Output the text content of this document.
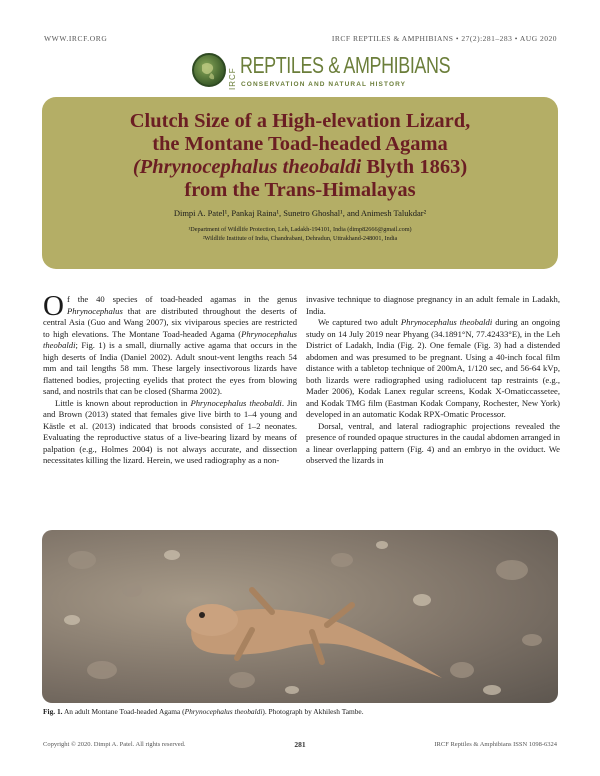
WWW.IRCF.ORG	IRCF REPTILES & AMPHIBIANS • 27(2):281–283 • AUG 2020
IRCF
REPTILES & AMPHIBIANS
CONSERVATION AND NATURAL HISTORY
Clutch Size of a High-elevation Lizard,
the Montane Toad-headed Agama
(Phrynocephalus theobaldi Blyth 1863)
from the Trans-Himalayas
Dimpi A. Patel¹, Pankaj Raina¹, Sunetro Ghoshal¹, and Animesh Talukdar²
¹Department of Wildlife Protection, Leh, Ladakh-194101, India (dimp82666@gmail.com)
²Wildlife Institute of India, Chandrabani, Dehradun, Uttrakhand-248001, India

Of the 40 species of toad-headed agamas in the genus Phrynocephalus that are distributed throughout the deserts of central Asia (Guo and Wang 2007), six viviparous species are restricted to high elevations. The Montane Toad-headed Agama (Phrynocephalus theobaldi; Fig. 1) is a small, diurnally active agama that occurs in the high deserts of India (Daniel 2002). Adult snout-vent lengths reach 54 mm and tail lengths 58 mm. These largely insectivorous lizards have flattened bodies, projecting eyelids that protect the eyes from blowing sand, and nostrils that can be closed (Sharma 2002).

Little is known about reproduction in Phrynocephalus theobaldi. Jin and Brown (2013) stated that females give live birth to 1–4 young and Kästle et al. (2013) indicated that broods consisted of 1–2 neonates. Evaluating the reproductive status of a live-bearing lizard by means of palpation (e.g., Holmes 2004) is not always accurate, and dissection necessitates killing the lizard. Herein, we used radiography as a non-

invasive technique to diagnose pregnancy in an adult female in Ladakh, India.

We captured two adult Phrynocephalus theobaldi during an ongoing study on 14 July 2019 near Phyang (34.1891°N, 77.42433°E), in the Leh District of Ladakh, India (Fig. 2). One female (Fig. 3) had a distended abdomen and was presumed to be pregnant. Using a 40-inch focal film distance with a tabletop technique of 200mA, 1/120 sec, and 56-64 kVp, both lizards were radiographed using radiolucent tap restraints (e.g., Mader 2006), Kodak Lanex regular screens, Kodak X-Omaticcassetee, and Kodak TMG film (Eastman Kodak Company, Rochester, New York) developed in an automatic Kodak RPX-Omatic Processor.

Dorsal, ventral, and lateral radiographic projections revealed the presence of rounded opaque structures in the caudal abdomen arranged in a linear overlapping pattern (Fig. 4) and an embryo in the oviduct. We observed the lizards in

Fig. 1. An adult Montane Toad-headed Agama (Phrynocephalus theobaldi). Photograph by Akhilesh Tambe.
Copyright © 2020. Dimpi A. Patel. All rights reserved.	281	IRCF Reptiles & Amphibians ISSN 1098-6324
